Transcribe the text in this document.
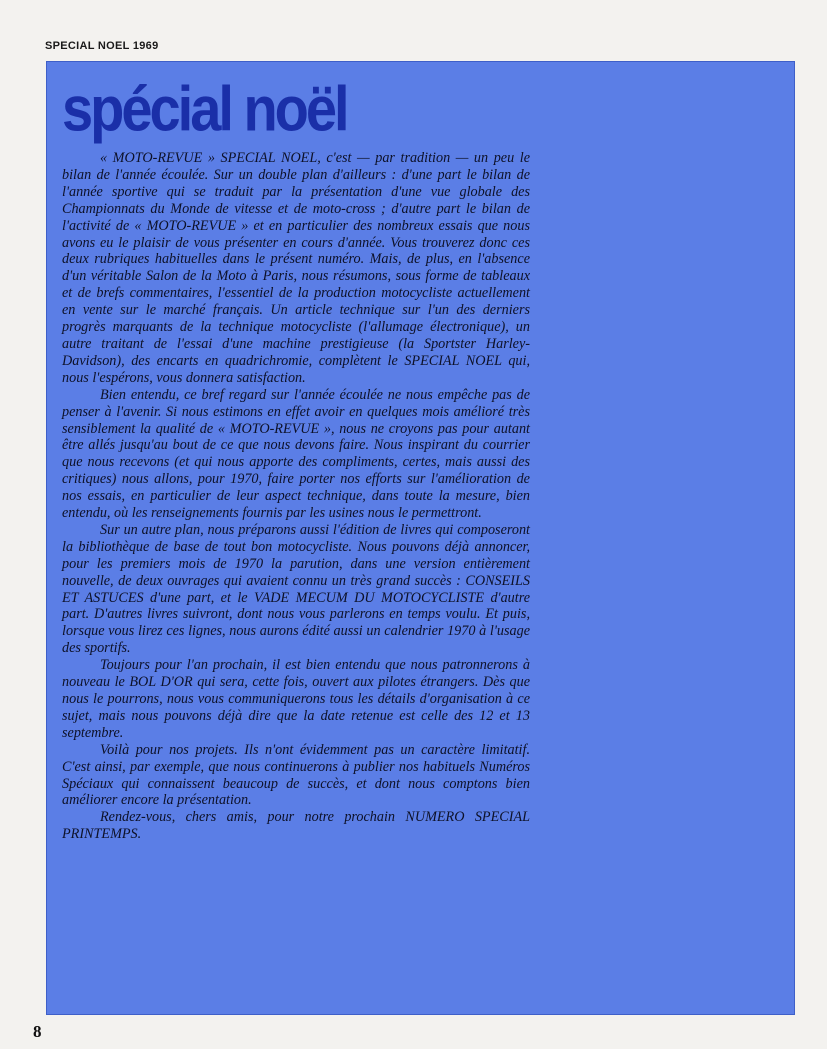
SPECIAL NOEL 1969

spécial noël

« MOTO-REVUE » SPECIAL NOEL, c'est — par tradition — un peu le bilan de l'année écoulée. Sur un double plan d'ailleurs : d'une part le bilan de l'année sportive qui se traduit par la présentation d'une vue globale des Championnats du Monde de vitesse et de moto-cross ; d'autre part le bilan de l'activité de « MOTO-REVUE » et en particulier des nombreux essais que nous avons eu le plaisir de vous présenter en cours d'année. Vous trouverez donc ces deux rubriques habituelles dans le présent numéro. Mais, de plus, en l'absence d'un véritable Salon de la Moto à Paris, nous résumons, sous forme de tableaux et de brefs commentaires, l'essentiel de la production motocycliste actuellement en vente sur le marché français. Un article technique sur l'un des derniers progrès marquants de la technique motocycliste (l'allumage électronique), un autre traitant de l'essai d'une machine prestigieuse (la Sportster Harley-Davidson), des encarts en quadrichromie, complètent le SPECIAL NOEL qui, nous l'espérons, vous donnera satisfaction.

Bien entendu, ce bref regard sur l'année écoulée ne nous empêche pas de penser à l'avenir. Si nous estimons en effet avoir en quelques mois amélioré très sensiblement la qualité de « MOTO-REVUE », nous ne croyons pas pour autant être allés jusqu'au bout de ce que nous devons faire. Nous inspirant du courrier que nous recevons (et qui nous apporte des compliments, certes, mais aussi des critiques) nous allons, pour 1970, faire porter nos efforts sur l'amélioration de nos essais, en particulier de leur aspect technique, dans toute la mesure, bien entendu, où les renseignements fournis par les usines nous le permettront.

Sur un autre plan, nous préparons aussi l'édition de livres qui composeront la bibliothèque de base de tout bon motocycliste. Nous pouvons déjà annoncer, pour les premiers mois de 1970 la parution, dans une version entièrement nouvelle, de deux ouvrages qui avaient connu un très grand succès : CONSEILS ET ASTUCES d'une part, et le VADE MECUM DU MOTOCYCLISTE d'autre part. D'autres livres suivront, dont nous vous parlerons en temps voulu. Et puis, lorsque vous lirez ces lignes, nous aurons édité aussi un calendrier 1970 à l'usage des sportifs.

Toujours pour l'an prochain, il est bien entendu que nous patronnerons à nouveau le BOL D'OR qui sera, cette fois, ouvert aux pilotes étrangers. Dès que nous le pourrons, nous vous communiquerons tous les détails d'organisation à ce sujet, mais nous pouvons déjà dire que la date retenue est celle des 12 et 13 septembre.

Voilà pour nos projets. Ils n'ont évidemment pas un caractère limitatif. C'est ainsi, par exemple, que nous continuerons à publier nos habituels Numéros Spéciaux qui connaissent beaucoup de succès, et dont nous comptons bien améliorer encore la présentation.

Rendez-vous, chers amis, pour notre prochain NUMERO SPECIAL PRINTEMPS.

8
